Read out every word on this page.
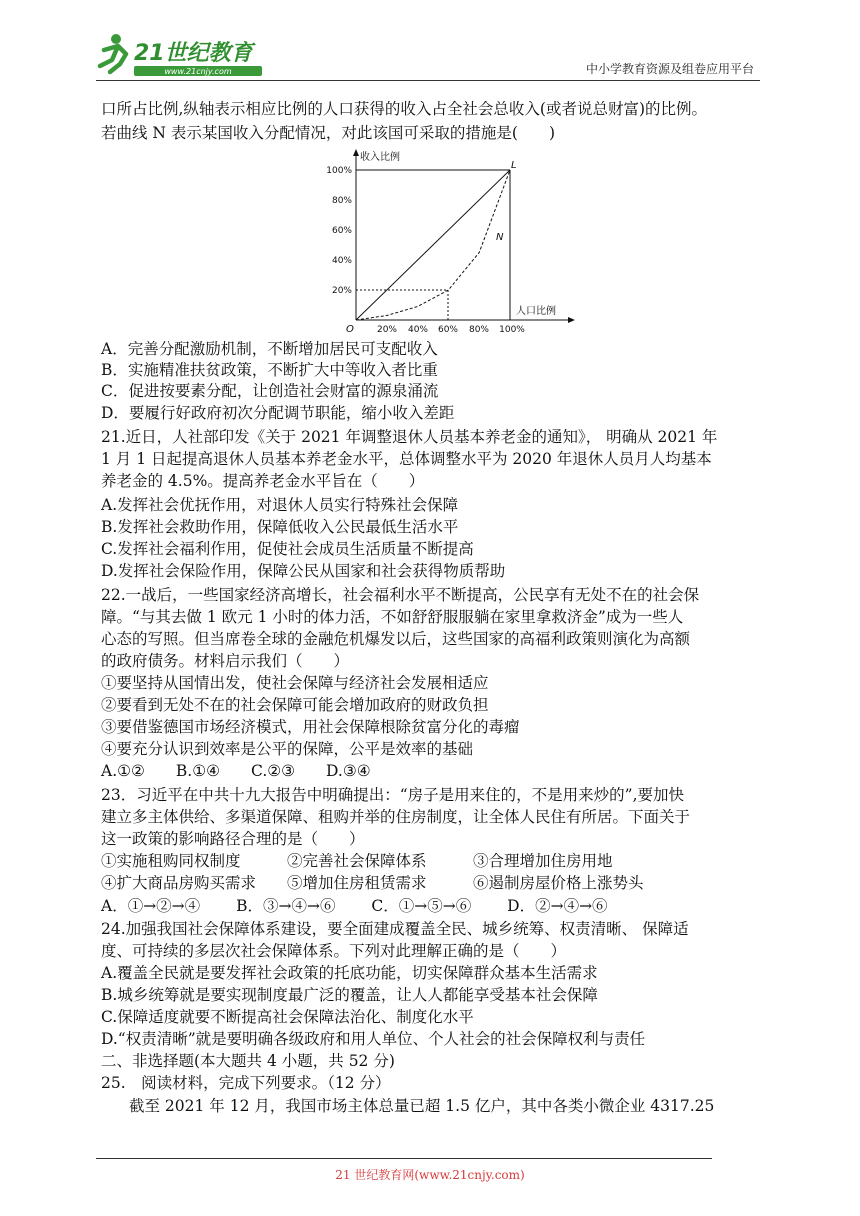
21世纪教育
www.21cnjy.com	中小学教育资源及组卷应用平台
口所占比例,纵轴表示相应比例的人口获得的收入占全社会总收入(或者说总财富)的比例。
若曲线 N 表示某国收入分配情况，对此该国可采取的措施是(　　)
收入比例
人口比例
O
L
N
100%
80%
60%
40%
20%
20% 40% 60% 80% 100%
A．完善分配激励机制，不断增加居民可支配收入
B．实施精准扶贫政策，不断扩大中等收入者比重
C．促进按要素分配，让创造社会财富的源泉涌流
D．要履行好政府初次分配调节职能，缩小收入差距
21.近日，人社部印发《关于 2021 年调整退休人员基本养老金的通知》， 明确从 2021 年
1 月 1 日起提高退休人员基本养老金水平，总体调整水平为 2020 年退休人员月人均基本
养老金的 4.5%。提高养老金水平旨在（　　）
A.发挥社会优抚作用，对退休人员实行特殊社会保障
B.发挥社会救助作用，保障低收入公民最低生活水平
C.发挥社会福利作用，促使社会成员生活质量不断提高
D.发挥社会保险作用，保障公民从国家和社会获得物质帮助
22.一战后，一些国家经济高增长，社会福利水平不断提高，公民享有无处不在的社会保
障。“与其去做 1 欧元 1 小时的体力活，不如舒舒服服躺在家里拿救济金”成为一些人
心态的写照。但当席卷全球的金融危机爆发以后，这些国家的高福利政策则演化为高额
的政府债务。材料启示我们（　　）
①要坚持从国情出发，使社会保障与经济社会发展相适应
②要看到无处不在的社会保障可能会增加政府的财政负担
③要借鉴德国市场经济模式，用社会保障根除贫富分化的毒瘤
④要充分认识到效率是公平的保障，公平是效率的基础
A.①②　　B.①④　　C.②③　　D.③④
23．习近平在中共十九大报告中明确提出：“房子是用来住的，不是用来炒的”,要加快
建立多主体供给、多渠道保障、租购并举的住房制度，让全体人民住有所居。下面关于
这一政策的影响路径合理的是（　　）
①实施租购同权制度　　　②完善社会保障体系　　　③合理增加住房用地
④扩大商品房购买需求　　⑤增加住房租赁需求　　　⑥遏制房屋价格上涨势头
A．①→②→④　　 B．③→④→⑥　　 C．①→⑤→⑥　　 D．②→④→⑥
24.加强我国社会保障体系建设，要全面建成覆盖全民、城乡统筹、权责清晰、 保障适
度、可持续的多层次社会保障体系。下列对此理解正确的是（　　）
A.覆盖全民就是要发挥社会政策的托底功能，切实保障群众基本生活需求
B.城乡统筹就是要实现制度最广泛的覆盖，让人人都能享受基本社会保障
C.保障适度就要不断提高社会保障法治化、制度化水平
D.“权责清晰”就是要明确各级政府和用人单位、个人社会的社会保障权利与责任
二、非选择题(本大题共 4 小题，共 52 分)
25.　阅读材料，完成下列要求。（12 分）
截至 2021 年 12 月，我国市场主体总量已超 1.5 亿户，其中各类小微企业 4317.25
21 世纪教育网(www.21cnjy.com)
